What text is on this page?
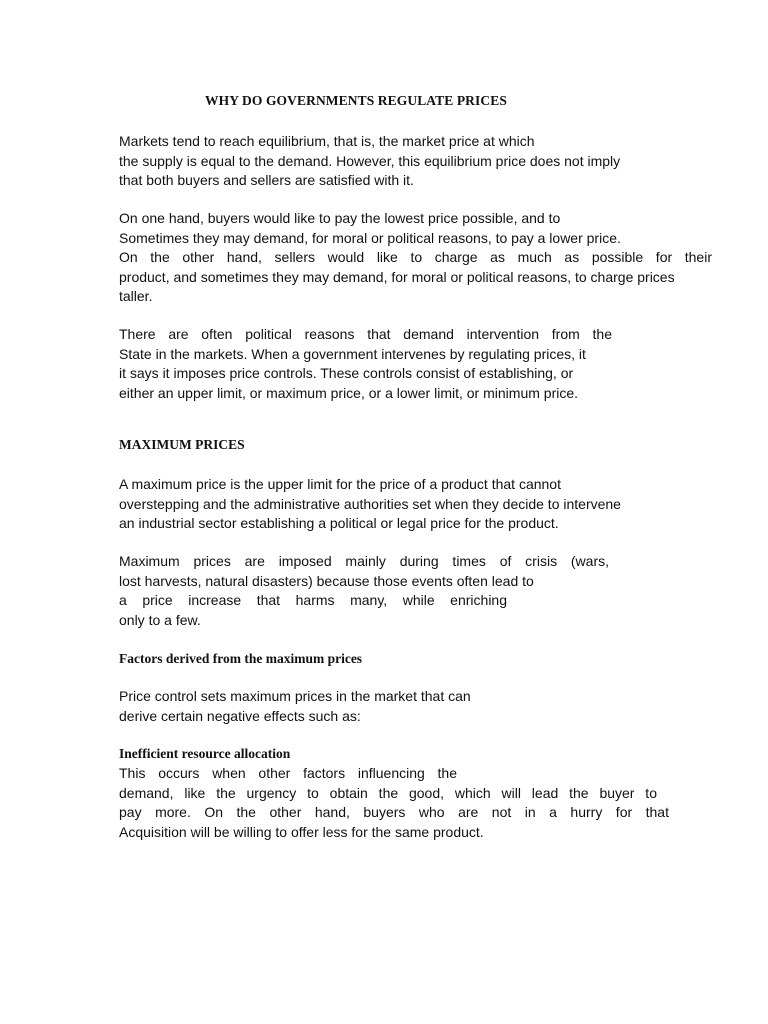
WHY DO GOVERNMENTS REGULATE PRICES
Markets tend to reach equilibrium, that is, the market price at which
the supply is equal to the demand. However, this equilibrium price does not imply
that both buyers and sellers are satisfied with it.
On one hand, buyers would like to pay the lowest price possible, and to
Sometimes they may demand, for moral or political reasons, to pay a lower price.
On the other hand, sellers would like to charge as much as possible for their
product, and sometimes they may demand, for moral or political reasons, to charge prices
taller.
There are often political reasons that demand intervention from the
State in the markets. When a government intervenes by regulating prices, it
it says it imposes price controls. These controls consist of establishing, or
either an upper limit, or maximum price, or a lower limit, or minimum price.
MAXIMUM PRICES
A maximum price is the upper limit for the price of a product that cannot
overstepping and the administrative authorities set when they decide to intervene
an industrial sector establishing a political or legal price for the product.
Maximum prices are imposed mainly during times of crisis (wars,
lost harvests, natural disasters) because those events often lead to
a price increase that harms many, while enriching
only to a few.
Factors derived from the maximum prices
Price control sets maximum prices in the market that can
derive certain negative effects such as:
Inefficient resource allocation
This occurs when other factors influencing the
demand, like the urgency to obtain the good, which will lead the buyer to
pay more. On the other hand, buyers who are not in a hurry for that
Acquisition will be willing to offer less for the same product.
